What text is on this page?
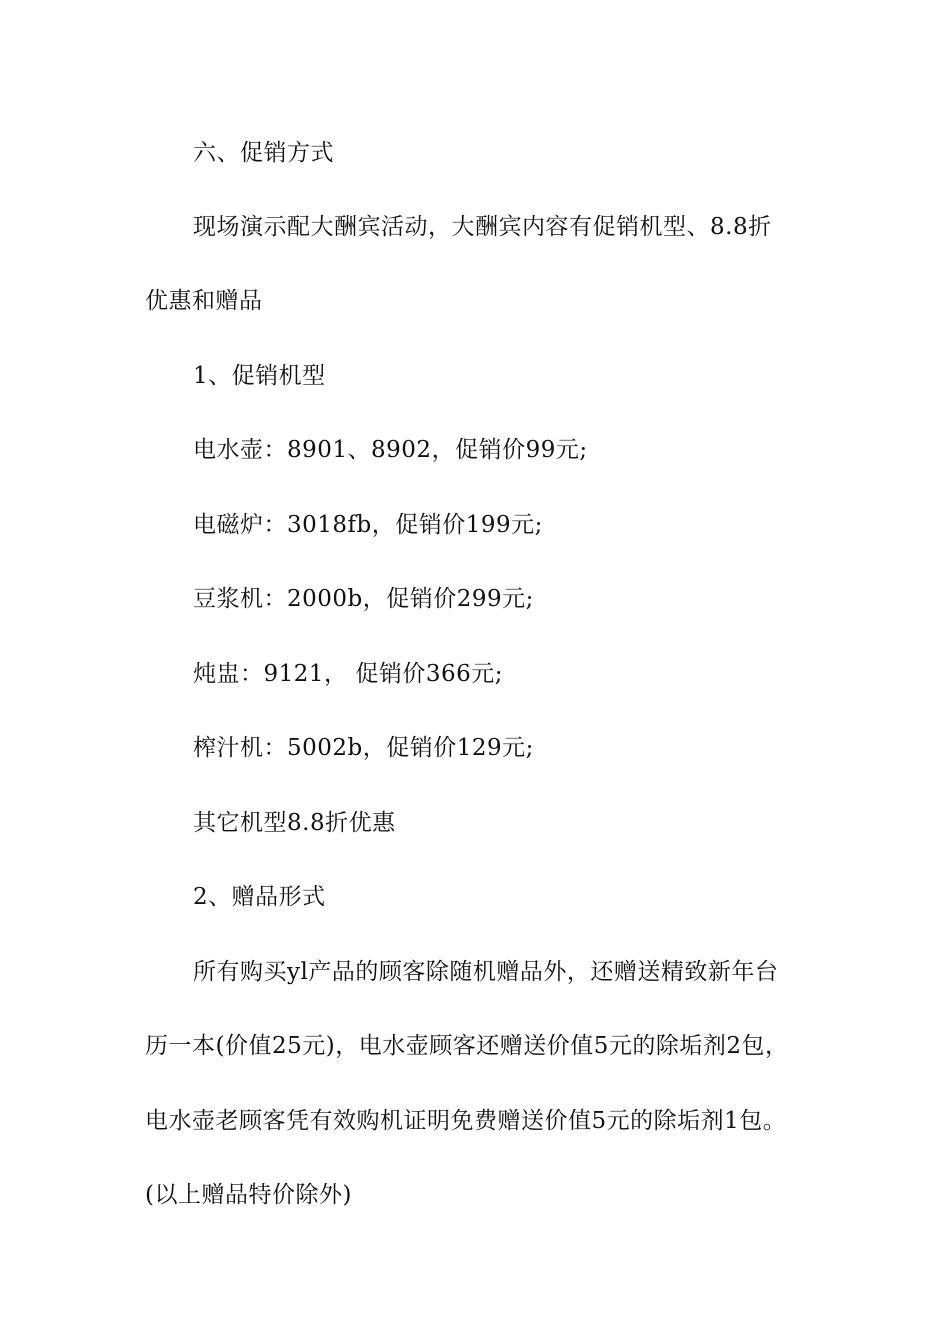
六、促销方式
现场演示配大酬宾活动，大酬宾内容有促销机型、8.8折
优惠和赠品
1、促销机型
电水壶：8901、8902，促销价99元;
电磁炉：3018fb，促销价199元;
豆浆机：2000b，促销价299元;
炖盅：9121， 促销价366元;
榨汁机：5002b，促销价129元;
其它机型8.8折优惠
2、赠品形式
所有购买yl产品的顾客除随机赠品外，还赠送精致新年台
历一本(价值25元)，电水壶顾客还赠送价值5元的除垢剂2包，
电水壶老顾客凭有效购机证明免费赠送价值5元的除垢剂1包。
(以上赠品特价除外)
